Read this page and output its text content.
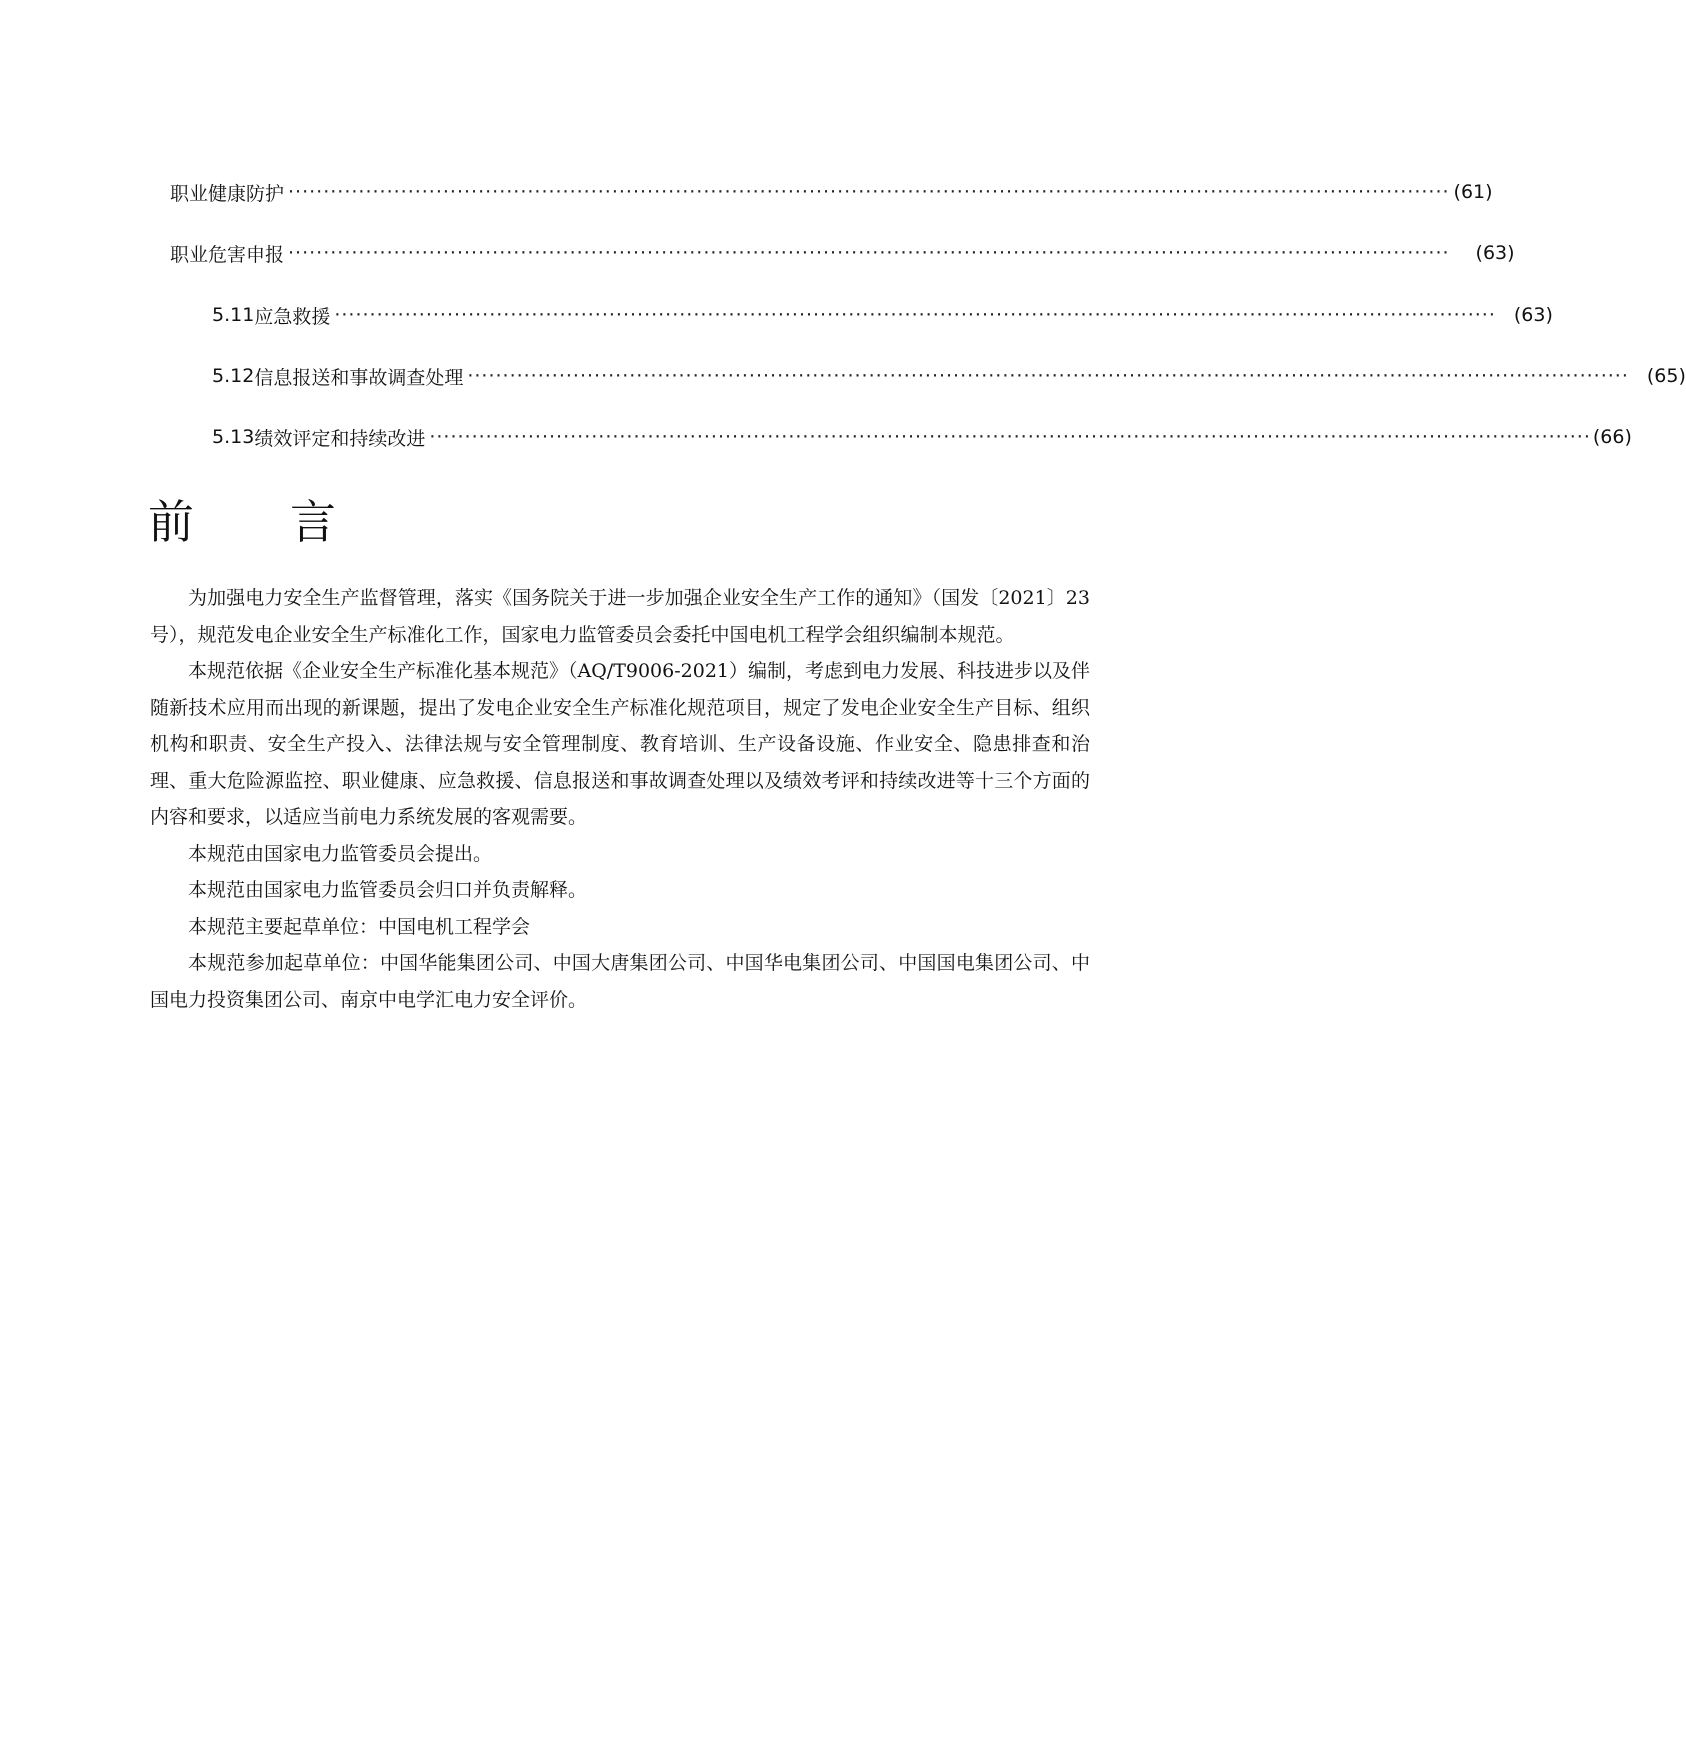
职业健康防护 ····································································································································································· (61)
职业危害申报 ····································································································································································· (63)
5.11 应急救援 ····································································································································································· (63)
5.12 信息报送和事故调查处理 ····································································································································································· (65)
5.13 绩效评定和持续改进 ····································································································································································· (66)
前 言

为加强电力安全生产监督管理，落实《国务院关于进一步加强企业安全生产工作的通知》（国发〔2021〕23号），规范发电企业安全生产标准化工作，国家电力监管委员会委托中国电机工程学会组织编制本规范。

本规范依据《企业安全生产标准化基本规范》（AQ/T9006-2021）编制，考虑到电力发展、科技进步以及伴随新技术应用而出现的新课题，提出了发电企业安全生产标准化规范项目，规定了发电企业安全生产目标、组织机构和职责、安全生产投入、法律法规与安全管理制度、教育培训、生产设备设施、作业安全、隐患排查和治理、重大危险源监控、职业健康、应急救援、信息报送和事故调查处理以及绩效考评和持续改进等十三个方面的内容和要求，以适应当前电力系统发展的客观需要。

本规范由国家电力监管委员会提出。

本规范由国家电力监管委员会归口并负责解释。

本规范主要起草单位：中国电机工程学会

本规范参加起草单位：中国华能集团公司、中国大唐集团公司、中国华电集团公司、中国国电集团公司、中国电力投资集团公司、南京中电学汇电力安全评价。
